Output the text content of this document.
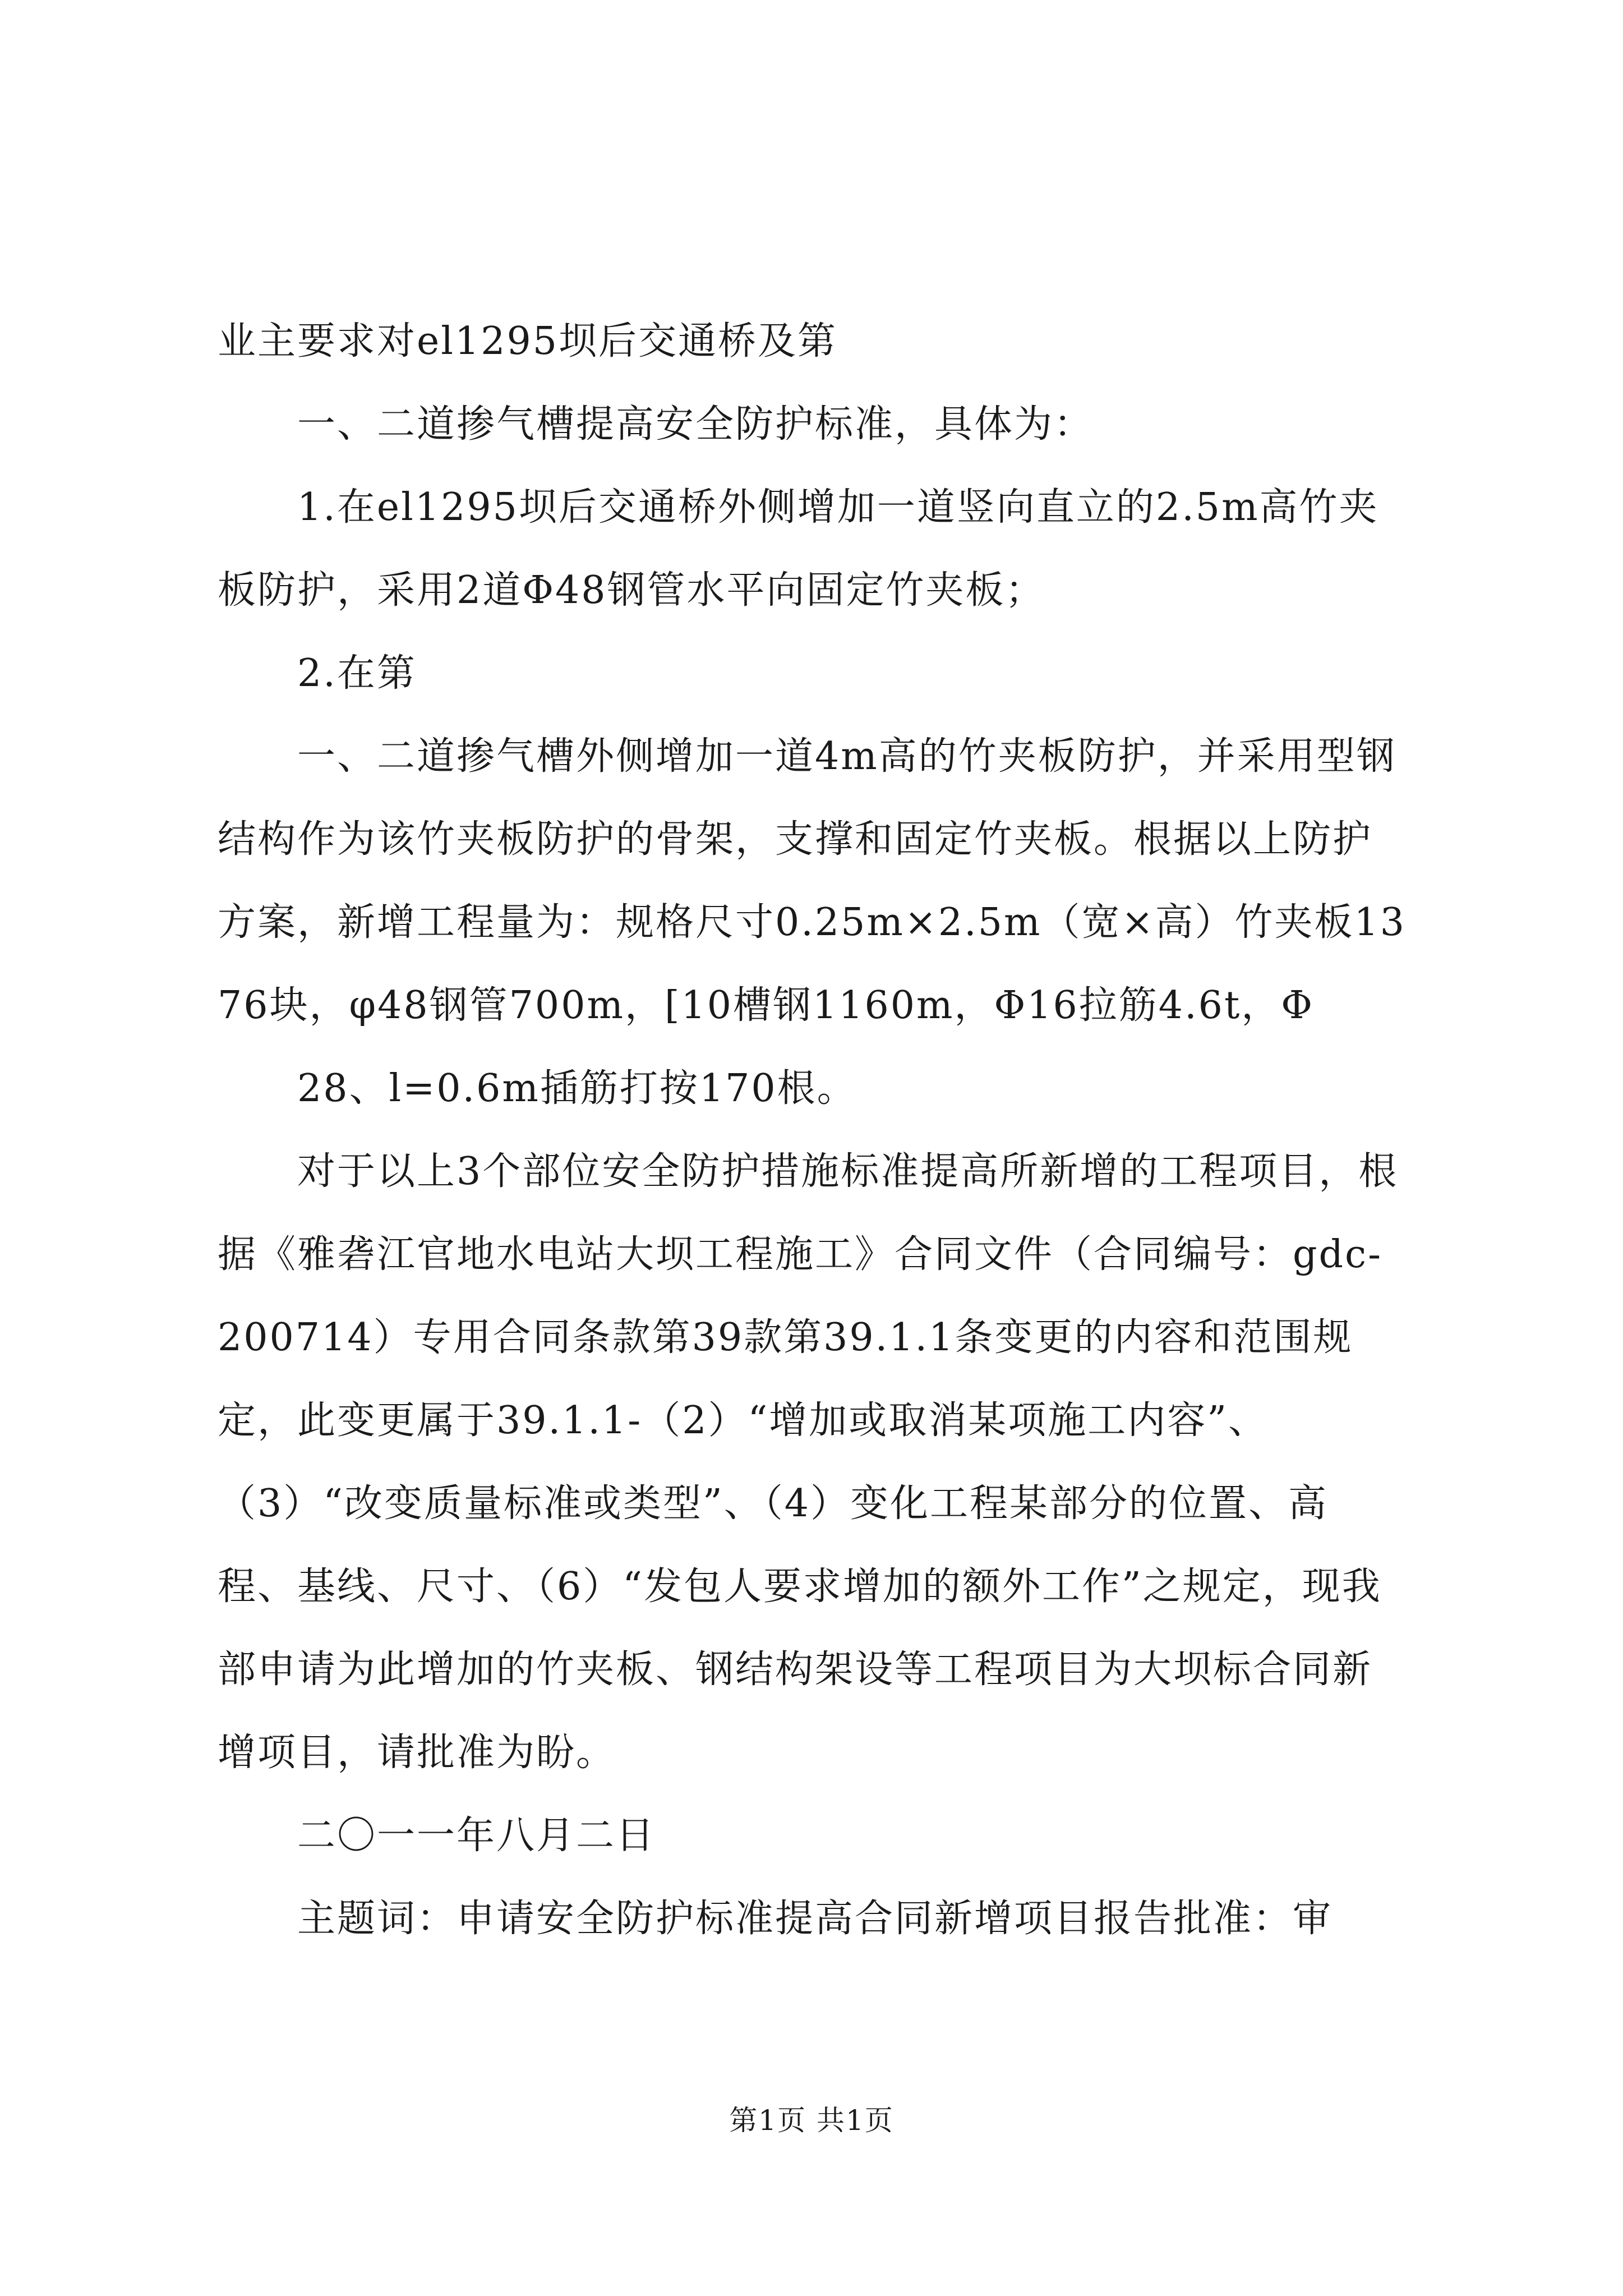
业主要求对el1295坝后交通桥及第

一、二道掺气槽提高安全防护标准，具体为：

1.在el1295坝后交通桥外侧增加一道竖向直立的2.5m高竹夹板防护，采用2道Φ48钢管水平向固定竹夹板；

2.在第

一、二道掺气槽外侧增加一道4m高的竹夹板防护，并采用型钢结构作为该竹夹板防护的骨架，支撑和固定竹夹板。根据以上防护方案，新增工程量为：规格尺寸0.25m×2.5m（宽×高）竹夹板1376块，φ48钢管700m，[10槽钢1160m，Φ16拉筋4.6t，Φ

28、l=0.6m插筋打按170根。

对于以上3个部位安全防护措施标准提高所新增的工程项目，根据《雅砻江官地水电站大坝工程施工》合同文件（合同编号：gdc-200714）专用合同条款第39款第39.1.1条变更的内容和范围规定，此变更属于39.1.1-（2）“增加或取消某项施工内容”、（3）“改变质量标准或类型”、（4）变化工程某部分的位置、高程、基线、尺寸、（6）“发包人要求增加的额外工作”之规定，现我部申请为此增加的竹夹板、钢结构架设等工程项目为大坝标合同新增项目，请批准为盼。

二〇一一年八月二日

主题词：申请安全防护标准提高合同新增项目报告批准：审

第1页 共1页
